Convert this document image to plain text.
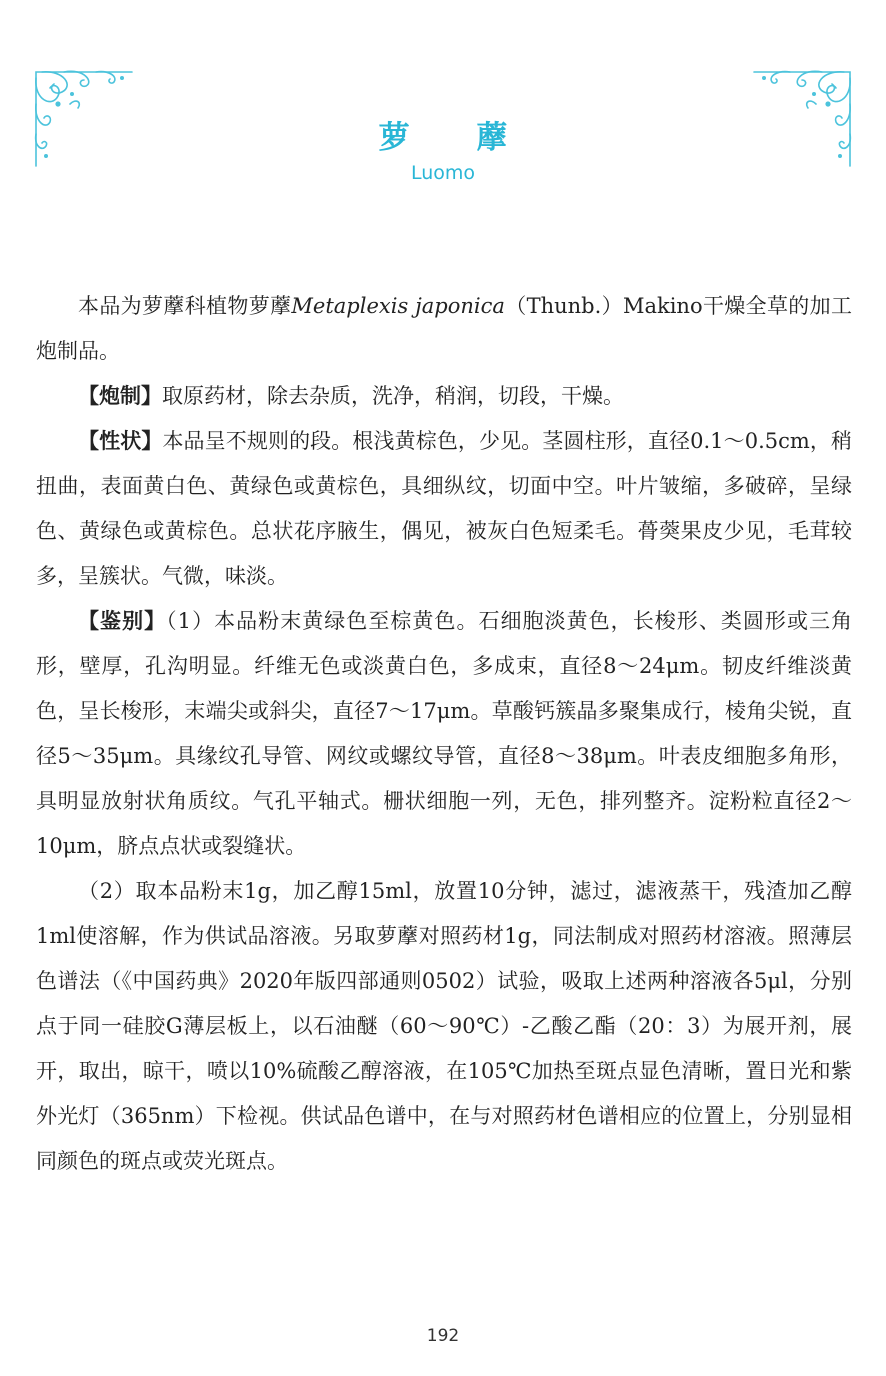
萝 藦
Luomo

本品为萝藦科植物萝藦Metaplexis japonica（Thunb.）Makino干燥全草的加工炮制品。

【炮制】取原药材，除去杂质，洗净，稍润，切段，干燥。

【性状】本品呈不规则的段。根浅黄棕色，少见。茎圆柱形，直径0.1～0.5cm，稍扭曲，表面黄白色、黄绿色或黄棕色，具细纵纹，切面中空。叶片皱缩，多破碎，呈绿色、黄绿色或黄棕色。总状花序腋生，偶见，被灰白色短柔毛。蓇葖果皮少见，毛茸较多，呈簇状。气微，味淡。

【鉴别】（1）本品粉末黄绿色至棕黄色。石细胞淡黄色，长梭形、类圆形或三角形，壁厚，孔沟明显。纤维无色或淡黄白色，多成束，直径8～24μm。韧皮纤维淡黄色，呈长梭形，末端尖或斜尖，直径7～17μm。草酸钙簇晶多聚集成行，棱角尖锐，直径5～35μm。具缘纹孔导管、网纹或螺纹导管，直径8～38μm。叶表皮细胞多角形，具明显放射状角质纹。气孔平轴式。栅状细胞一列，无色，排列整齐。淀粉粒直径2～10μm，脐点点状或裂缝状。

（2）取本品粉末1g，加乙醇15ml，放置10分钟，滤过，滤液蒸干，残渣加乙醇1ml使溶解，作为供试品溶液。另取萝藦对照药材1g，同法制成对照药材溶液。照薄层色谱法（《中国药典》2020年版四部通则0502）试验，吸取上述两种溶液各5μl，分别点于同一硅胶G薄层板上，以石油醚（60～90℃）-乙酸乙酯（20：3）为展开剂，展开，取出，晾干，喷以10%硫酸乙醇溶液，在105℃加热至斑点显色清晰，置日光和紫外光灯（365nm）下检视。供试品色谱中，在与对照药材色谱相应的位置上，分别显相同颜色的斑点或荧光斑点。

192
